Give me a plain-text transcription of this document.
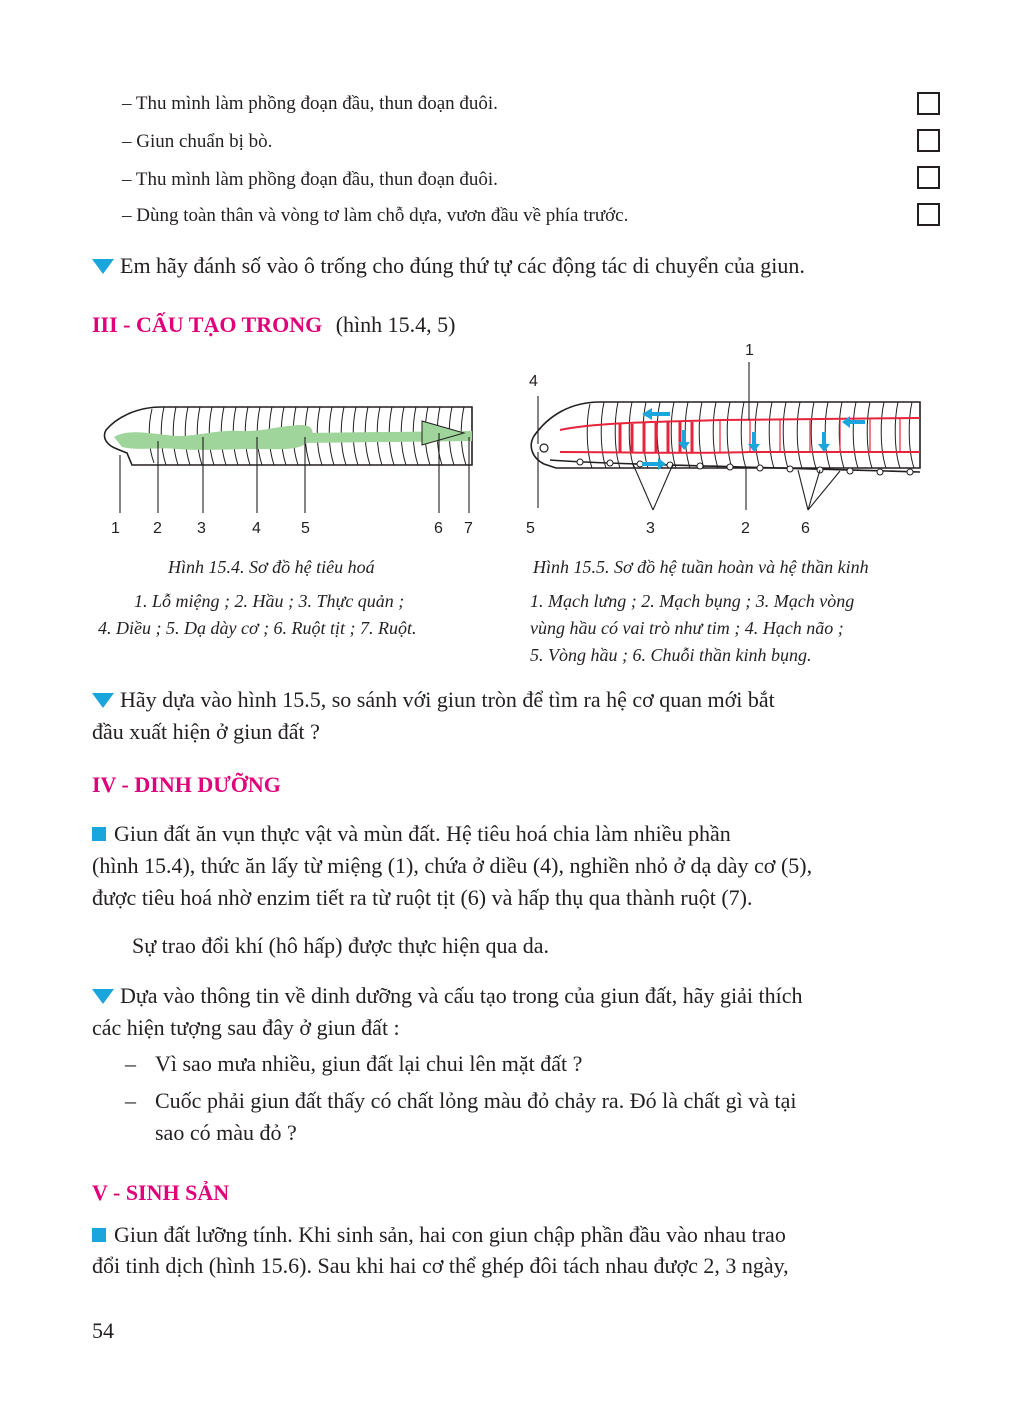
– Thu mình làm phồng đoạn đầu, thun đoạn đuôi.
– Giun chuẩn bị bò.
– Thu mình làm phồng đoạn đầu, thun đoạn đuôi.
– Dùng toàn thân và vòng tơ làm chỗ dựa, vươn đầu về phía trước.
Em hãy đánh số vào ô trống cho đúng thứ tự các động tác di chuyển của giun.
III - CẤU TẠO TRONG (hình 15.4, 5)
1 2 3	4	5	6 7
1
4
5	3	2	6
Hình 15.4. Sơ đồ hệ tiêu hoá
1. Lỗ miệng ; 2. Hầu ; 3. Thực quản ;
4. Diều ; 5. Dạ dày cơ ; 6. Ruột tịt ; 7. Ruột.
Hình 15.5. Sơ đồ hệ tuần hoàn và hệ thần kinh
1. Mạch lưng ; 2. Mạch bụng ; 3. Mạch vòng
vùng hầu có vai trò như tim ; 4. Hạch não ;
5. Vòng hầu ; 6. Chuỗi thần kinh bụng.
Hãy dựa vào hình 15.5, so sánh với giun tròn để tìm ra hệ cơ quan mới bắt
đầu xuất hiện ở giun đất ?
IV - DINH DƯỠNG
Giun đất ăn vụn thực vật và mùn đất. Hệ tiêu hoá chia làm nhiều phần
(hình 15.4), thức ăn lấy từ miệng (1), chứa ở diều (4), nghiền nhỏ ở dạ dày cơ (5),
được tiêu hoá nhờ enzim tiết ra từ ruột tịt (6) và hấp thụ qua thành ruột (7).
Sự trao đổi khí (hô hấp) được thực hiện qua da.
Dựa vào thông tin về dinh dưỡng và cấu tạo trong của giun đất, hãy giải thích
các hiện tượng sau đây ở giun đất :
– Vì sao mưa nhiều, giun đất lại chui lên mặt đất ?
– Cuốc phải giun đất thấy có chất lỏng màu đỏ chảy ra. Đó là chất gì và tại
sao có màu đỏ ?
V - SINH SẢN
Giun đất lưỡng tính. Khi sinh sản, hai con giun chập phần đầu vào nhau trao
đổi tinh dịch (hình 15.6). Sau khi hai cơ thể ghép đôi tách nhau được 2, 3 ngày,
54
